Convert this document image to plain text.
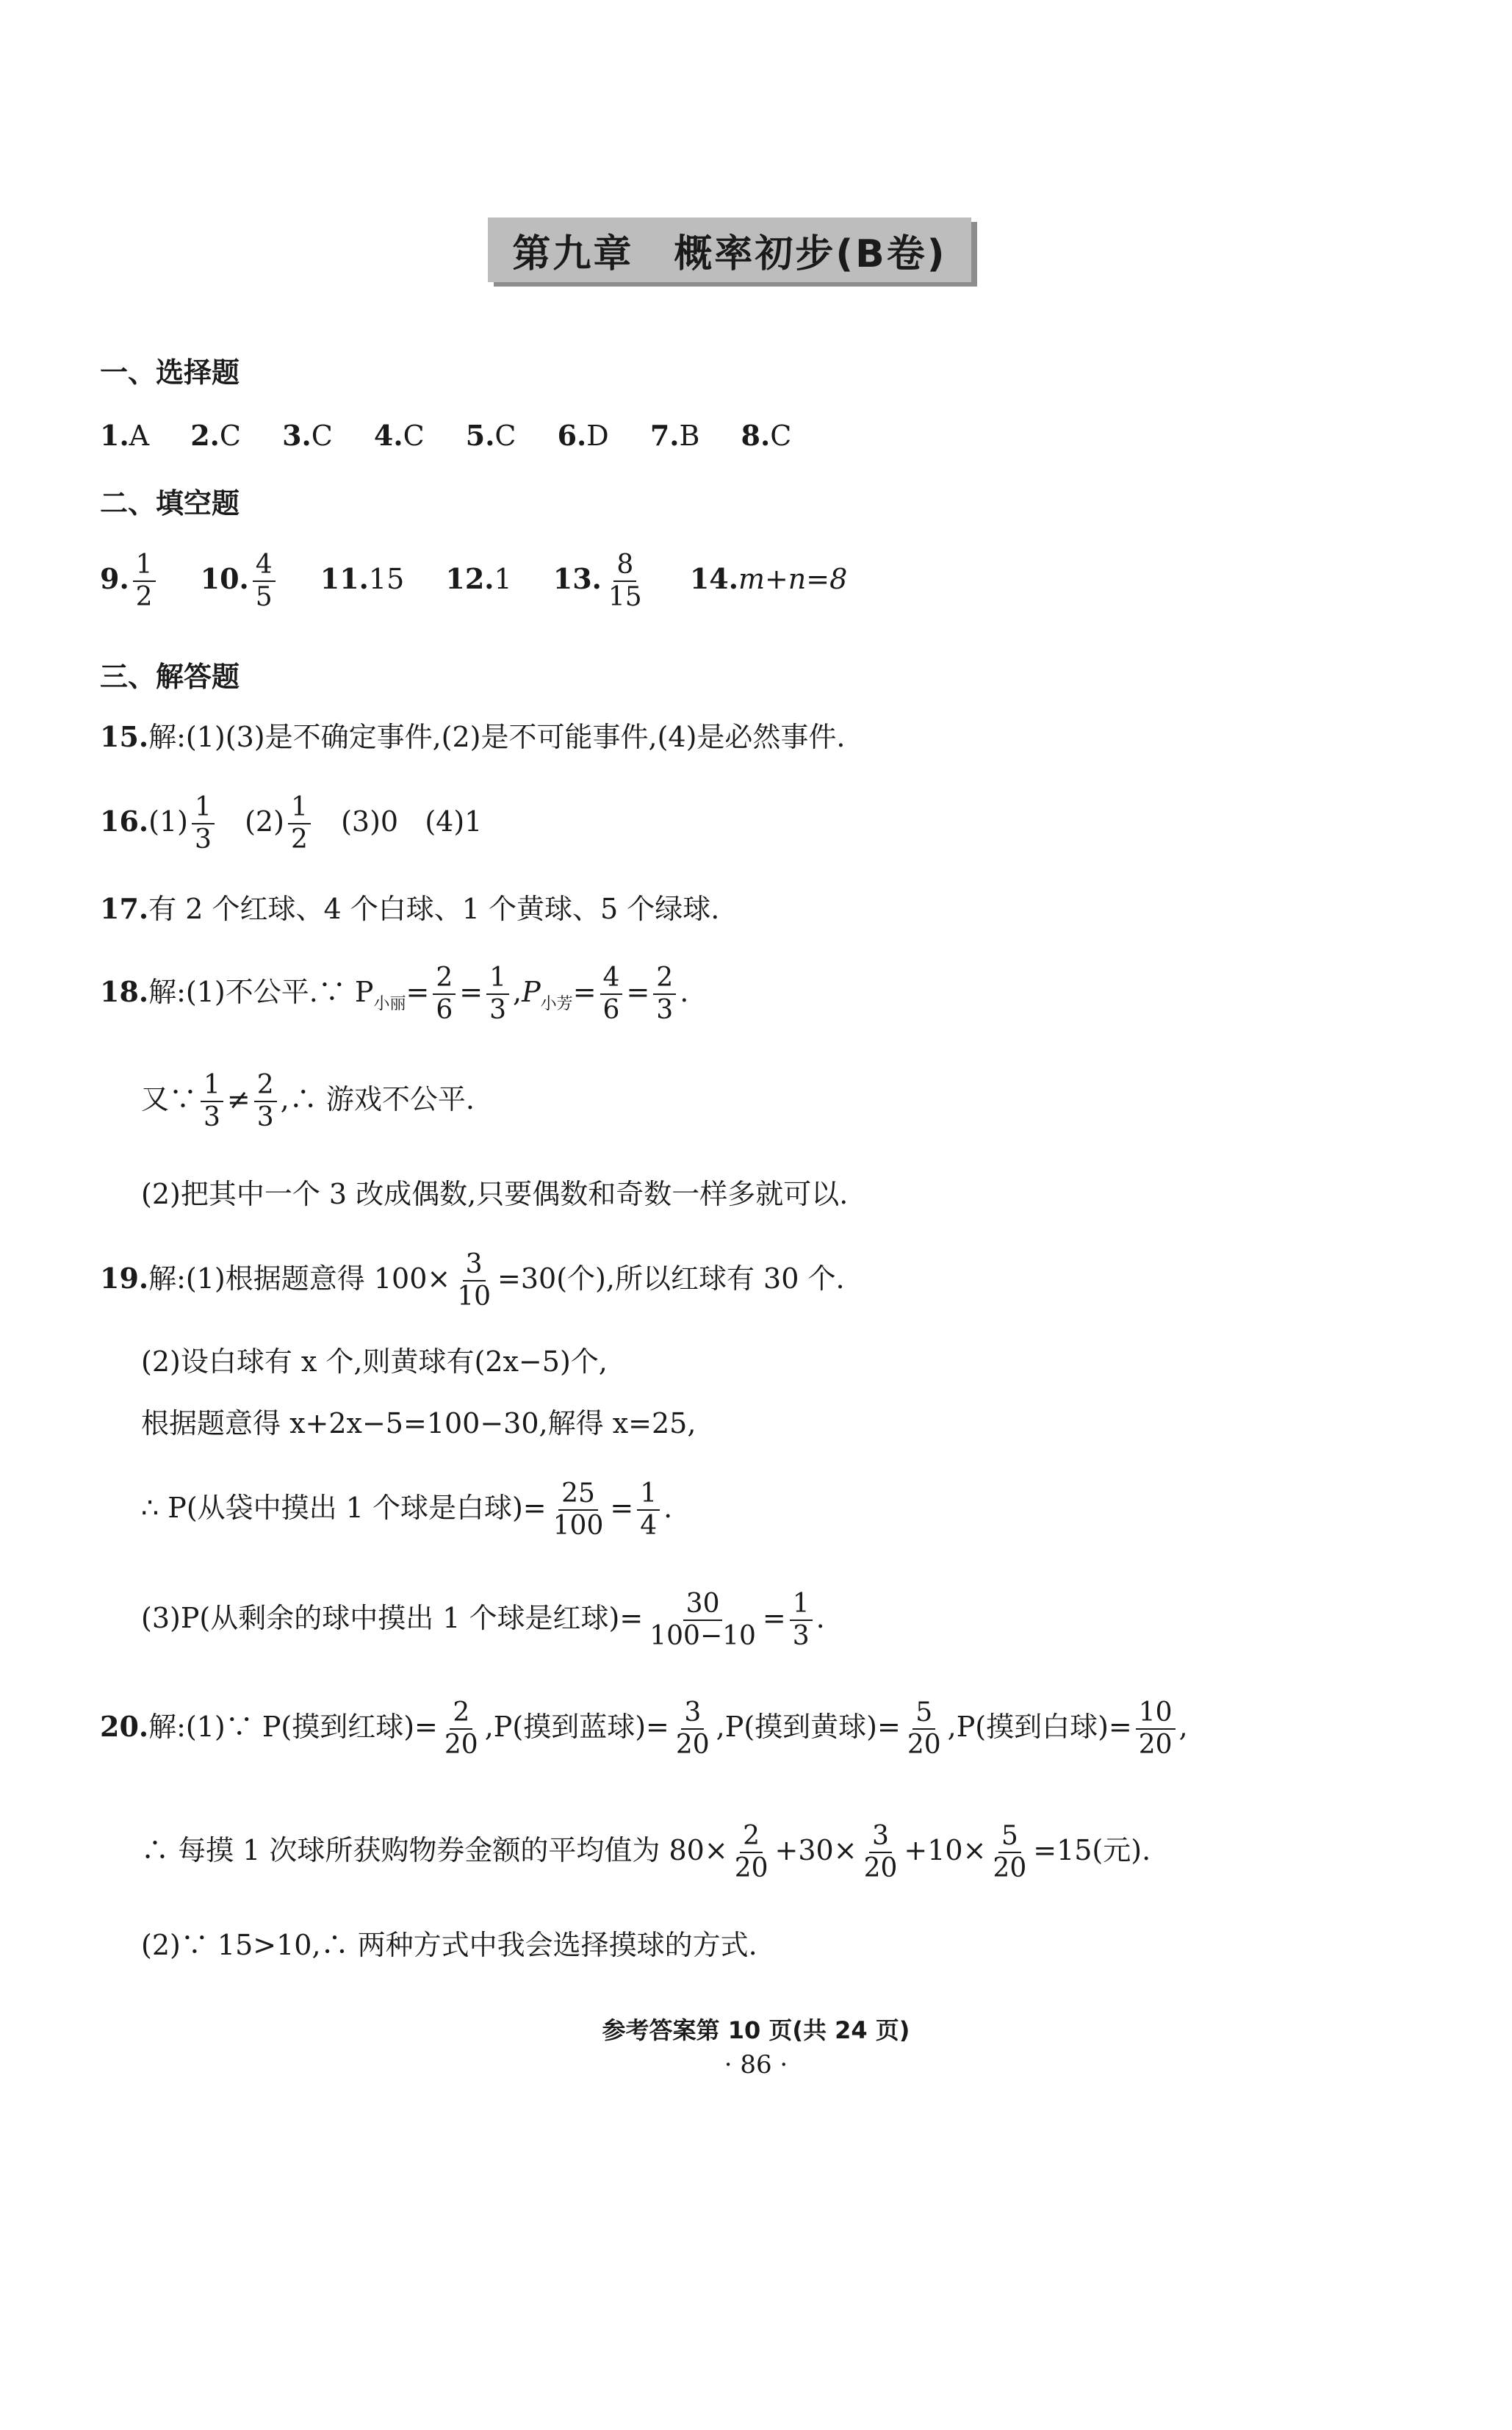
第九章　概率初步(B卷)
一、选择题
1.A 2.C 3.C 4.C 5.C 6.D 7.B 8.C
二、填空题
9. $\frac{1}{2} 10$. $\frac{4}{5} 11.15$ 12.1 13. $\frac{8}{15} 14.m+n=8$
三、解答题
15.解:(1)(3)是不确定事件,(2)是不可能事件,(4)是必然事件.
$16.(1) \frac{1}{3} (2) \frac{1}{2} (3)0$ (4)1
17.有 2 个红球、4 个白球、1 个黄球、5 个绿球.
18.解:(1)不公平.∵ $P_{小丽}= \frac{2}{6} = \frac{1}{3} ,P_{小芳}= \frac{4}{6} = \frac{2}{3}$ .
又∵ $\frac{1}{3} \ne \frac{2}{3}$ ,∴ 游戏不公平.
(2)把其中一个 3 改成偶数,只要偶数和奇数一样多就可以.
19.解:(1)根据题意得 $100\times \frac{3}{10} =30$(个),所以红球有 30 个.
(2)设白球有 x 个,则黄球有(2x−5)个,
根据题意得 x+2x−5=100−30,解得 x=25,
∴ P(从袋中摸出 1 个球是白球)= $\frac{25}{100} = \frac{1}{4}$ .
(3)P(从剩余的球中摸出 1 个球是红球)= $\frac{30}{100-10} = \frac{1}{3}$ .
20.解:(1)∵ P(摸到红球)= $\frac{2}{20} ,P$(摸到蓝球)= $\frac{3}{20} ,P$(摸到黄球)= $\frac{5}{20} ,P$(摸到白球)= $\frac{10}{20}$ ,
∴ 每摸 1 次球所获购物券金额的平均值为 $80\times \frac{2}{20} +30\times \frac{3}{20} +10\times \frac{5}{20} =15$(元).
(2)∵ 15>10,∴ 两种方式中我会选择摸球的方式.
参考答案第 10 页(共 24 页)
· 86 ·
